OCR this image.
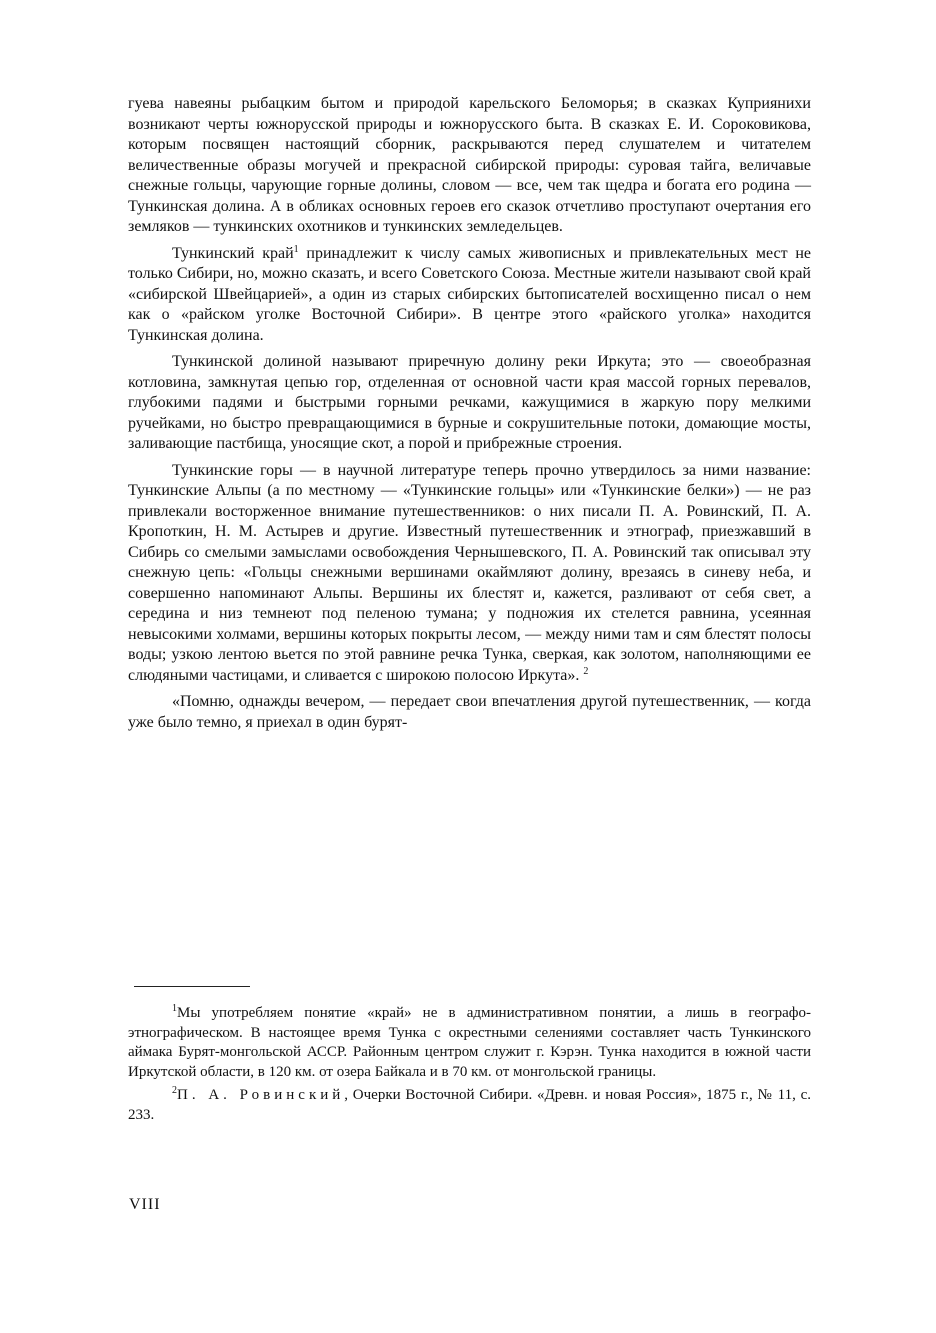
гуева навеяны рыбацким бытом и природой карельского Беломорья; в сказках Куприянихи возникают черты южнорусской природы и южнорусского быта. В сказках Е. И. Сороковикова, которым посвящен настоящий сборник, раскрываются перед слушателем и читателем величественные образы могучей и прекрасной сибирской природы: суровая тайга, величавые снежные гольцы, чарующие горные долины, словом — все, чем так щедра и богата его родина — Тункинская долина. А в обликах основных героев его сказок отчетливо проступают очертания его земляков — тункинских охотников и тункинских земледельцев.

Тункинский край$^1$ принадлежит к числу самых живописных и привлекательных мест не только Сибири, но, можно сказать, и всего Советского Союза. Местные жители называют свой край «сибирской Швейцарией», а один из старых сибирских бытописателей восхищенно писал о нем как о «райском уголке Восточной Сибири». В центре этого «райского уголка» находится Тункинская долина.

Тункинской долиной называют приречную долину реки Иркута; это — своеобразная котловина, замкнутая цепью гор, отделенная от основной части края массой горных перевалов, глубокими падями и быстрыми горными речками, кажущимися в жаркую пору мелкими ручейками, но быстро превращающимися в бурные и сокрушительные потоки, домающие мосты, заливающие пастбища, уносящие скот, а порой и прибрежные строения.

Тункинские горы — в научной литературе теперь прочно утвердилось за ними название: Тункинские Альпы (а по местному — «Тункинские гольцы» или «Тункинские белки») — не раз привлекали восторженное внимание путешественников: о них писали П. А. Ровинский, П. А. Кропоткин, Н. М. Астырев и другие. Известный путешественник и этнограф, приезжавший в Сибирь со смелыми замыслами освобождения Чернышевского, П. А. Ровинский так описывал эту снежную цепь: «Гольцы снежными вершинами окаймляют долину, врезаясь в синеву неба, и совершенно напоминают Альпы. Вершины их блестят и, кажется, разливают от себя свет, а середина и низ темнеют под пеленою тумана; у подножия их стелется равнина, усеянная невысокими холмами, вершины которых покрыты лесом, — между ними там и сям блестят полосы воды; узкою лентою вьется по этой равнине речка Тунка, сверкая, как золотом, наполняющими ее слюдяными частицами, и сливается с широкою полосою Иркута». $^2$

«Помню, однажды вечером, — передает свои впечатления другой путешественник, — когда уже было темно, я приехал в один бурят-

$^1$Мы употребляем понятие «край» не в административном понятии, а лишь в географо-этнографическом. В настоящее время Тунка с окрестными селениями составляет часть Тункинского аймака Бурят-монгольской АССР. Районным центром служит г. Кэрэн. Тунка находится в южной части Иркутской области, в 120 км. от озера Байкала и в 70 км. от монгольской границы.

$^2$П. А. Ровинский, Очерки Восточной Сибири. «Древн. и новая Россия», 1875 г., № 11, с. 233.

VIII
